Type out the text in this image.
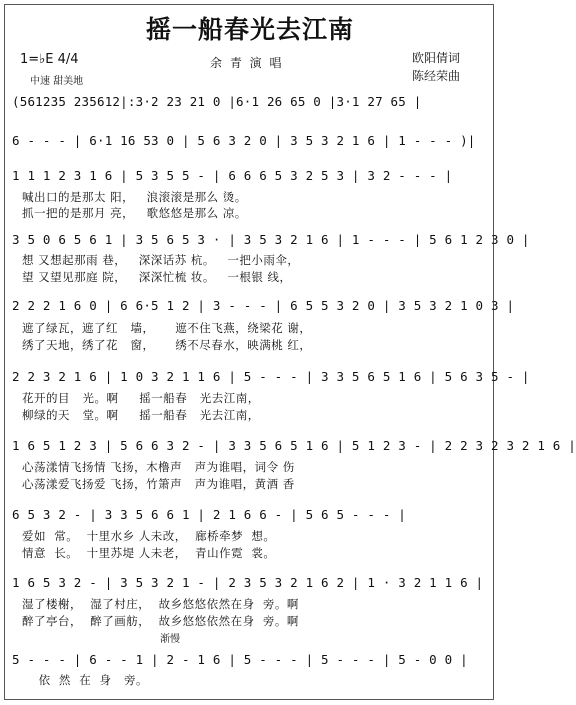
摇一船春光去江南
1=♭E 4/4
中速 甜美地
余 青 演 唱	欧阳倩词
陈经荣曲
渐慢
(561235 235612|:3·2 23 21 0 |6·1 26 65 0 |3·1 27 65 |
6 - - - | 6·1 16 53 0 | 5 6 3 2 0 | 3 5 3 2 1 6 | 1 - - - )|
1 1 1 2 3 1 6 | 5 3 5 5 - | 6 6 6 5 3 2 5 3 | 3 2 - - - |
喊出口的是那太 阳，   浪滚滚是那么 烫。
抓一把的是那月 亮，   歌悠悠是那么 凉。
3 5 0 6 5 6 1 | 3 5 6 5 3 · | 3 5 3 2 1 6 | 1 - - - | 5 6 1 2 3 0 |
想 又想起那雨 巷，   深深话苏 杭。   一把小雨伞，
望 又望见那庭 院，   深深忙梳 妆。   一根银 线，
2 2 2 1 6 0 | 6 6·5 1 2 | 3 - - - | 6 5 5 3 2 0 | 3 5 3 2 1 0 3 |
遮了绿瓦，遮了红   墙，     遮不住飞燕，绕梁花 谢，
绣了天地，绣了花   窗，     绣不尽春水，映满桃 红，
2 2 3 2 1 6 | 1 0 3 2 1 1 6 | 5 - - - | 3 3 5 6 5 1 6 | 5 6 3 5 - |
花开的目   光。啊     摇一船春   光去江南，
柳绿的天   堂。啊     摇一船春   光去江南，
1 6 5 1 2 3 | 5 6 6 3 2 - | 3 3 5 6 5 1 6 | 5 1 2 3 - | 2 2 3 2 3 2 1 6 |
心荡漾情飞扬情 飞扬，木橹声   声为谁唱，词令 伤
心荡漾爱飞扬爱 飞扬，竹箫声   声为谁唱，黄酒 香
6 5 3 2 - | 3 3 5 6 6 1 | 2 1 6 6 - | 5 6 5 - - - |
爱如  常。  十里水乡 人未改，  廊桥牵梦  想。
情意  长。  十里苏堤 人未老，  青山作霓  裳。
1 6 5 3 2 - | 3 5 3 2 1 - | 2 3 5 3 2 1 6 2 | 1 · 3 2 1 1 6 |
湿了楼榭，  湿了村庄，  故乡悠悠依然在身  旁。啊
醉了亭台，  醉了画舫，  故乡悠悠依然在身  旁。啊
5 - - - | 6 - - 1 | 2 - 1 6 | 5 - - - | 5 - - - | 5 - 0 0 |
依  然  在  身   旁。
